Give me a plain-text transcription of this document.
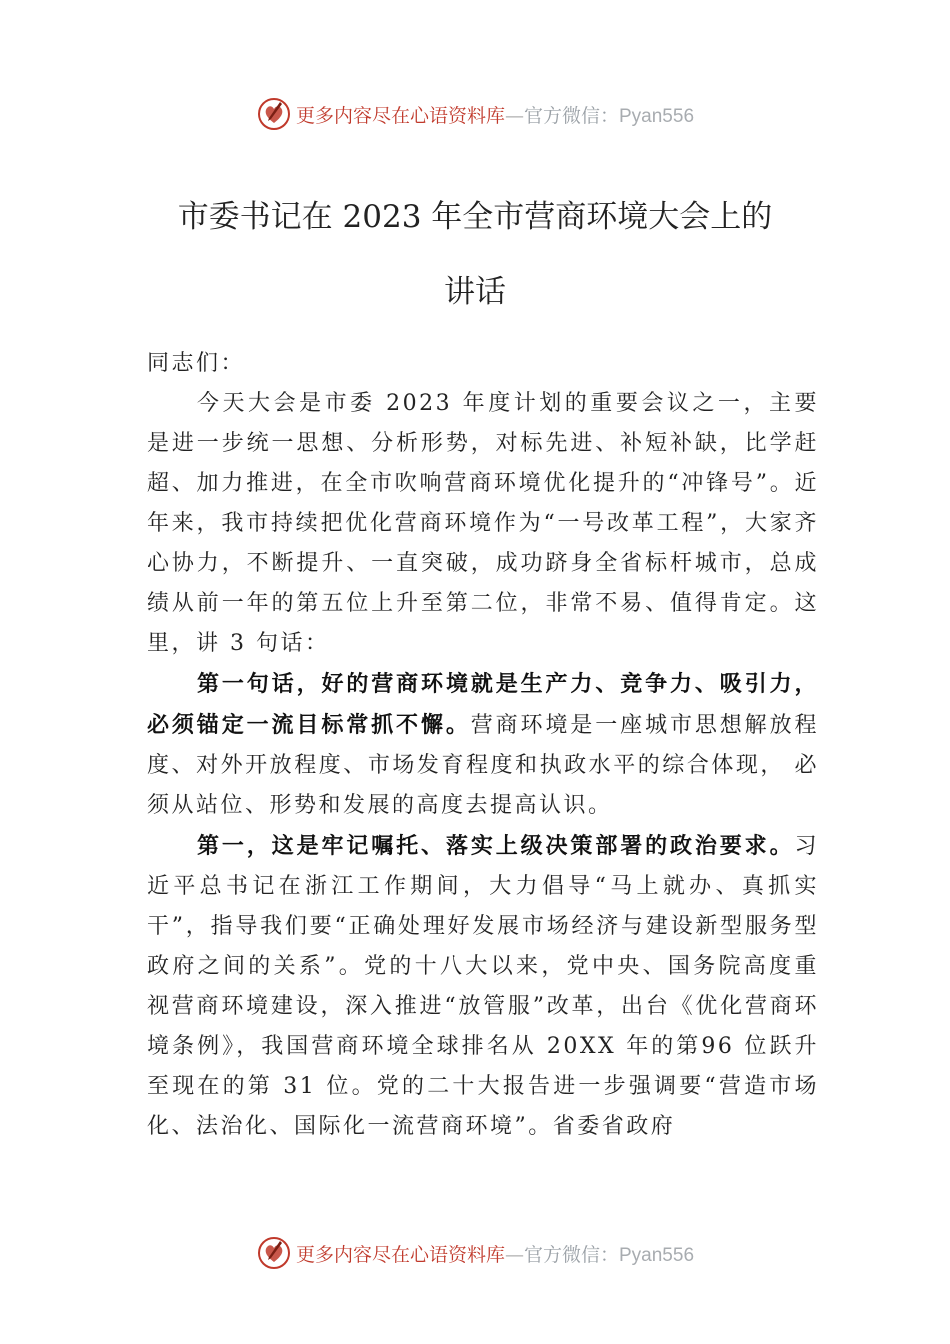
更多内容尽在心语资料库—官方微信：Pyan556
市委书记在 2023 年全市营商环境大会上的
讲话

同志们：

今天大会是市委 2023 年度计划的重要会议之一，主要是进一步统一思想、分析形势，对标先进、补短补缺，比学赶超、加力推进，在全市吹响营商环境优化提升的“冲锋号”。近年来，我市持续把优化营商环境作为“一号改革工程”，大家齐心协力，不断提升、一直突破，成功跻身全省标杆城市，总成绩从前一年的第五位上升至第二位，非常不易、值得肯定。这里，讲 3 句话：

第一句话，好的营商环境就是生产力、竞争力、吸引力，必须锚定一流目标常抓不懈。营商环境是一座城市思想解放程度、对外开放程度、市场发育程度和执政水平的综合体现， 必须从站位、形势和发展的高度去提高认识。

第一，这是牢记嘱托、落实上级决策部署的政治要求。习近平总书记在浙江工作期间，大力倡导“马上就办、真抓实干”，指导我们要“正确处理好发展市场经济与建设新型服务型政府之间的关系”。党的十八大以来，党中央、国务院高度重视营商环境建设，深入推进“放管服”改革，出台《优化营商环境条例》，我国营商环境全球排名从 20XX 年的第96 位跃升至现在的第 31 位。党的二十大报告进一步强调要“营造市场化、法治化、国际化一流营商环境”。省委省政府

更多内容尽在心语资料库—官方微信：Pyan556
